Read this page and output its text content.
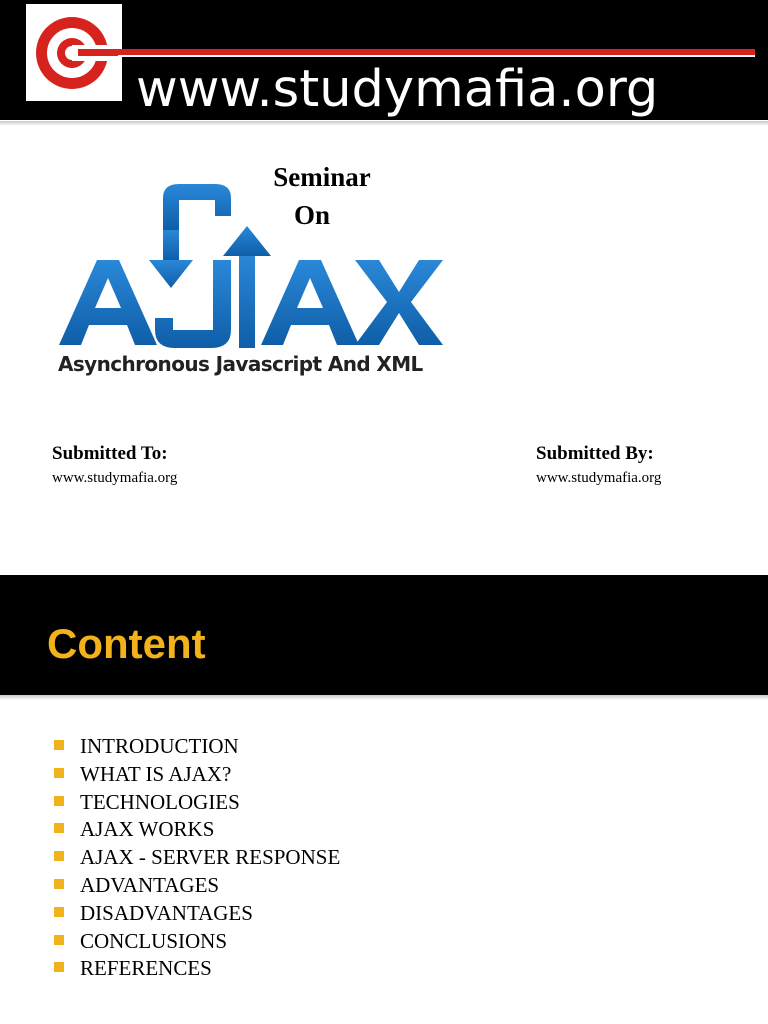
www.studymafia.org
Seminar
On
Asynchronous Javascript And XML
Submitted To:
www.studymafia.org
Submitted By:
www.studymafia.org
Content
INTRODUCTION
WHAT IS AJAX?
TECHNOLOGIES
AJAX WORKS
AJAX - SERVER RESPONSE
ADVANTAGES
DISADVANTAGES
CONCLUSIONS
REFERENCES
